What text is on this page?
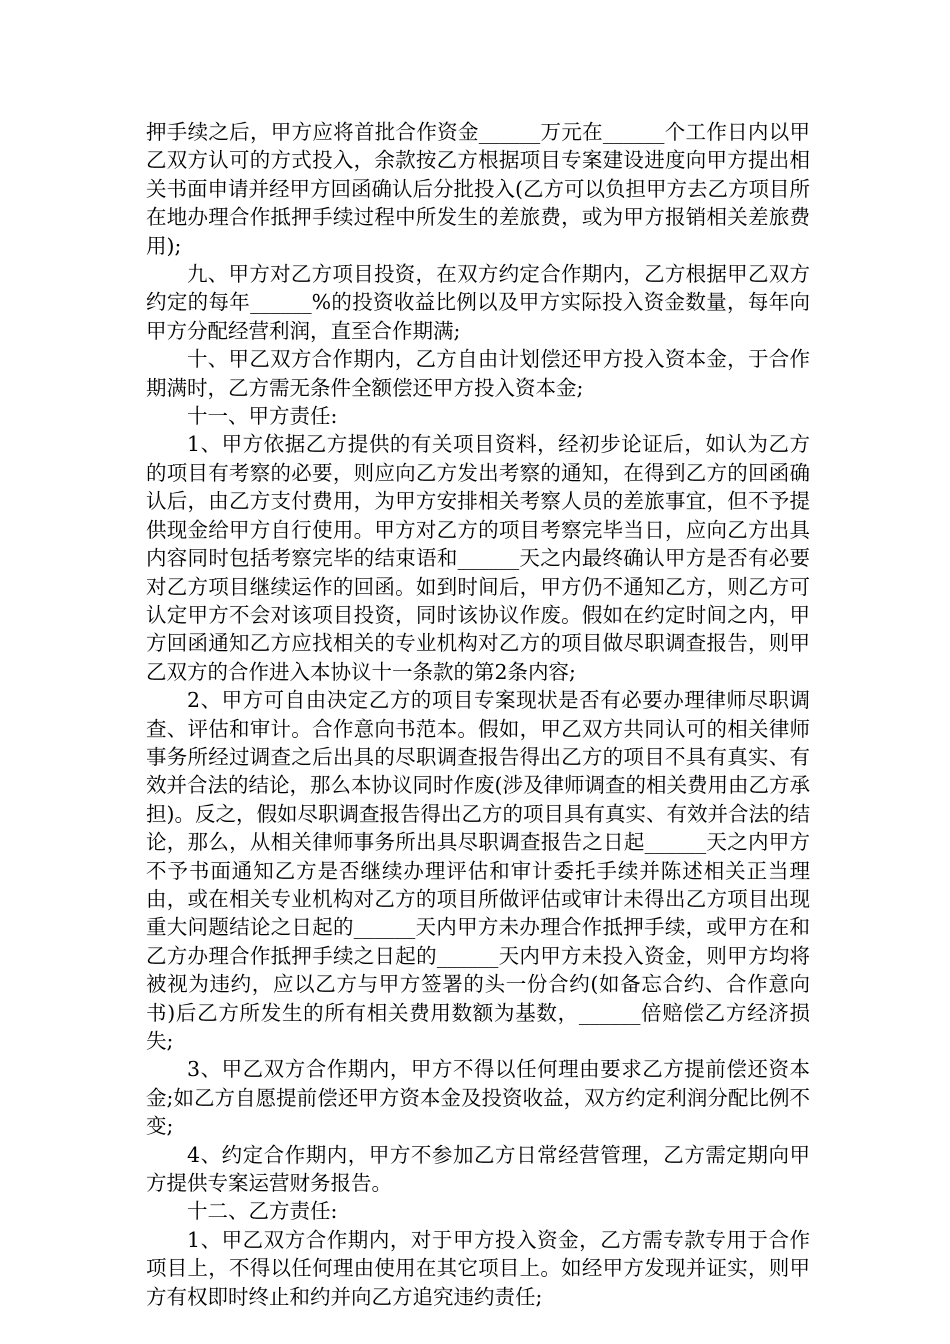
押手续之后，甲方应将首批合作资金______万元在______个工作日内以甲乙双方认可的方式投入，余款按乙方根据项目专案建设进度向甲方提出相关书面申请并经甲方回函确认后分批投入(乙方可以负担甲方去乙方项目所在地办理合作抵押手续过程中所发生的差旅费，或为甲方报销相关差旅费用);

九、甲方对乙方项目投资，在双方约定合作期内，乙方根据甲乙双方约定的每年______%的投资收益比例以及甲方实际投入资金数量，每年向甲方分配经营利润，直至合作期满;

十、甲乙双方合作期内，乙方自由计划偿还甲方投入资本金，于合作期满时，乙方需无条件全额偿还甲方投入资本金;

十一、甲方责任:

1、甲方依据乙方提供的有关项目资料，经初步论证后，如认为乙方的项目有考察的必要，则应向乙方发出考察的通知，在得到乙方的回函确认后，由乙方支付费用，为甲方安排相关考察人员的差旅事宜，但不予提供现金给甲方自行使用。甲方对乙方的项目考察完毕当日，应向乙方出具内容同时包括考察完毕的结束语和______天之内最终确认甲方是否有必要对乙方项目继续运作的回函。如到时间后，甲方仍不通知乙方，则乙方可认定甲方不会对该项目投资，同时该协议作废。假如在约定时间之内，甲方回函通知乙方应找相关的专业机构对乙方的项目做尽职调查报告，则甲乙双方的合作进入本协议十一条款的第2条内容;

2、甲方可自由决定乙方的项目专案现状是否有必要办理律师尽职调查、评估和审计。合作意向书范本。假如，甲乙双方共同认可的相关律师事务所经过调查之后出具的尽职调查报告得出乙方的项目不具有真实、有效并合法的结论，那么本协议同时作废(涉及律师调查的相关费用由乙方承担)。反之，假如尽职调查报告得出乙方的项目具有真实、有效并合法的结论，那么，从相关律师事务所出具尽职调查报告之日起______天之内甲方不予书面通知乙方是否继续办理评估和审计委托手续并陈述相关正当理由，或在相关专业机构对乙方的项目所做评估或审计未得出乙方项目出现重大问题结论之日起的______天内甲方未办理合作抵押手续，或甲方在和乙方办理合作抵押手续之日起的______天内甲方未投入资金，则甲方均将被视为违约，应以乙方与甲方签署的头一份合约(如备忘合约、合作意向书)后乙方所发生的所有相关费用数额为基数，______倍赔偿乙方经济损失;

3、甲乙双方合作期内，甲方不得以任何理由要求乙方提前偿还资本金;如乙方自愿提前偿还甲方资本金及投资收益，双方约定利润分配比例不变;

4、约定合作期内，甲方不参加乙方日常经营管理，乙方需定期向甲方提供专案运营财务报告。

十二、乙方责任:

1、甲乙双方合作期内，对于甲方投入资金，乙方需专款专用于合作项目上，不得以任何理由使用在其它项目上。如经甲方发现并证实，则甲方有权即时终止和约并向乙方追究违约责任;
